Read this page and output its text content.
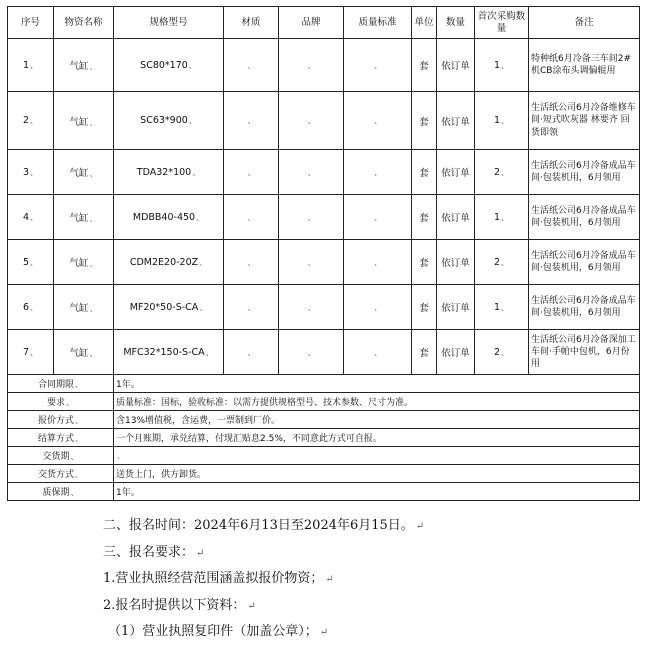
序号	物资名称	规格型号	材质	品牌	质量标准	单位	数量	首次采购数量	备注
1、	气缸、	SC80*170、	、	、	、	套	依订单	1、	特种纸6月冷备三车间2#机CB涂布头调偏辊用
2、	气缸、	SC63*900、	、	、	、	套	依订单	1、	生活纸公司6月冷备维修车间·短式吹灰器 林要齐 回货即领
3、	气缸、	TDA32*100、	、	、	、	套	依订单	2、	生活纸公司6月冷备成品车间·包装机用，6月领用
4、	气缸、	MDBB40-450、	、	、	、	套	依订单	1、	生活纸公司6月冷备成品车间·包装机用，6月领用
5、	气缸、	CDM2E20-20Z、	、	、	、	套	依订单	2、	生活纸公司6月冷备成品车间·包装机用，6月领用
6、	气缸、	MF20*50-S-CA、	、	、	、	套	依订单	1、	生活纸公司6月冷备成品车间·包装机用，6月领用
7、	气缸、	MFC32*150-S-CA、	、	、	、	套	依订单	2、	生活纸公司6月冷备深加工车间·手帕中包机，6月份用
合同期限、		1年。							
要求、		质量标准：国标，验收标准：以需方提供规格型号、技术参数、尺寸为准。							
报价方式、		含13%增值税，含运费，一票制到厂价。							
结算方式、		一个月账期，承兑结算，付现汇贴息2.5%，不同意此方式可自报。							
交货期、		、							
交货方式、		送货上门，供方卸货。							
质保期、		1年。							
二、报名时间：2024年6月13日至2024年6月15日。 ↵
三、报名要求： ↵
1.营业执照经营范围涵盖拟报价物资； ↵
2.报名时提供以下资料： ↵
（1）营业执照复印件（加盖公章）； ↵
